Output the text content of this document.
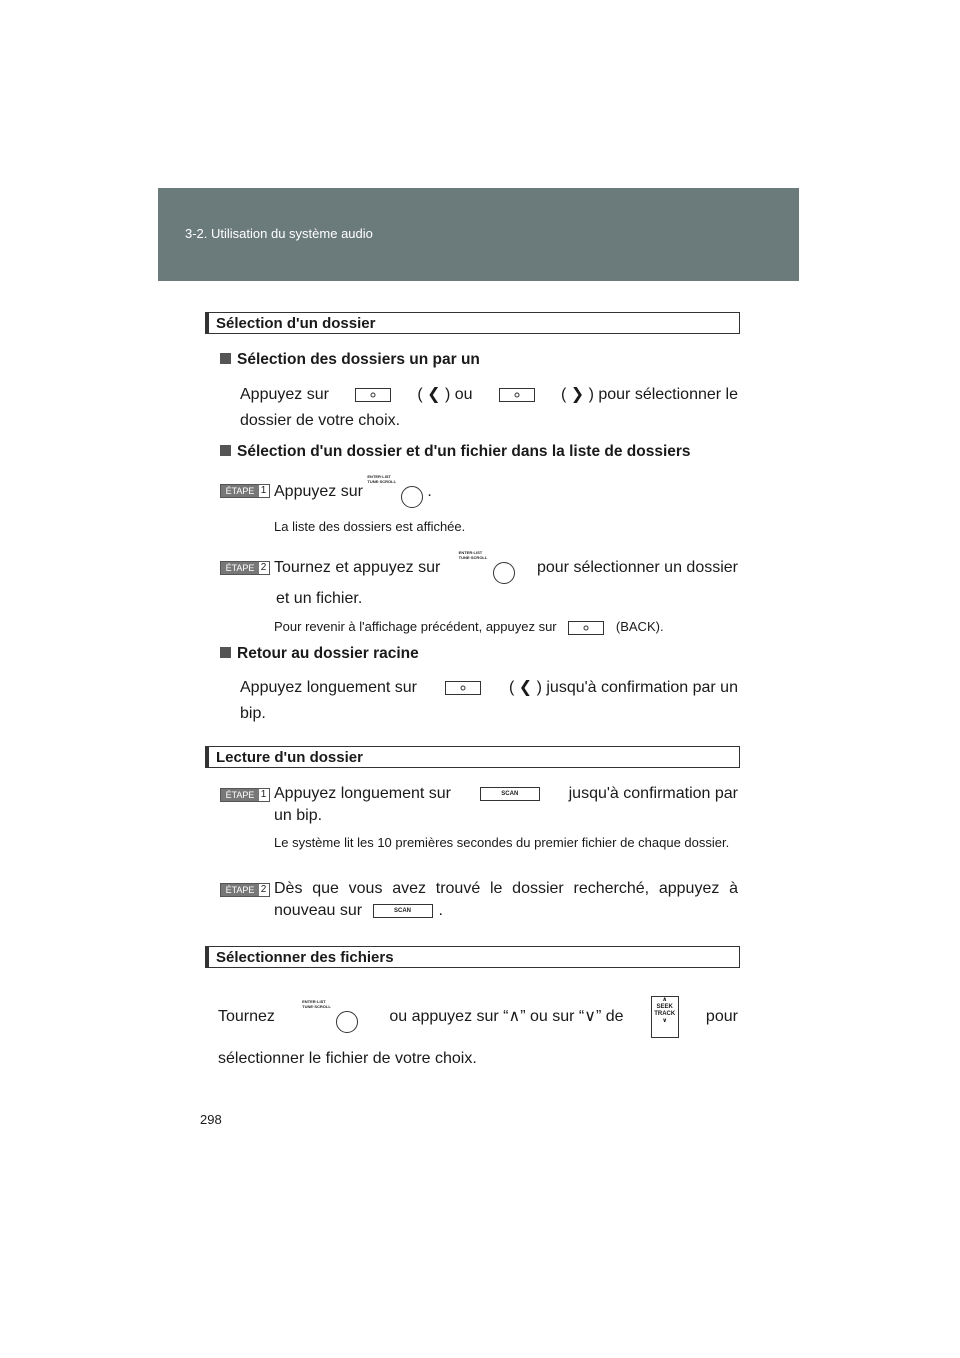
3-2. Utilisation du système audio
Sélection d'un dossier
Sélection des dossiers un par un
Appuyez sur	( ❮ ) ou	( ❯ ) pour sélectionner le
dossier de votre choix.
Sélection d'un dossier et d'un fichier dans la liste de dossiers
ÉTAPE 1 Appuyez sur
ENTER·LIST
TUNE·SCROLL
.
La liste des dossiers est affichée.
ÉTAPE 2 Tournez et appuyez sur
ENTER·LIST
TUNE·SCROLL
pour sélectionner un dossier
et un fichier.
Pour revenir à l'affichage précédent, appuyez sur	(BACK).
Retour au dossier racine
Appuyez longuement sur	( ❮ ) jusqu'à confirmation par un
bip.
Lecture d'un dossier
ÉTAPE 1 Appuyez longuement sur	SCAN	jusqu'à confirmation par
un bip.
Le système lit les 10 premières secondes du premier fichier de chaque dossier.
ÉTAPE 2 Dès que vous avez trouvé le dossier recherché, appuyez à
nouveau sur	SCAN	.
Sélectionner des fichiers
Tournez
ENTER·LIST
TUNE·SCROLL
ou appuyez sur “∧” ou sur “∨” de
∧
SEEK
TRACK
∨	pour
sélectionner le fichier de votre choix.
298
